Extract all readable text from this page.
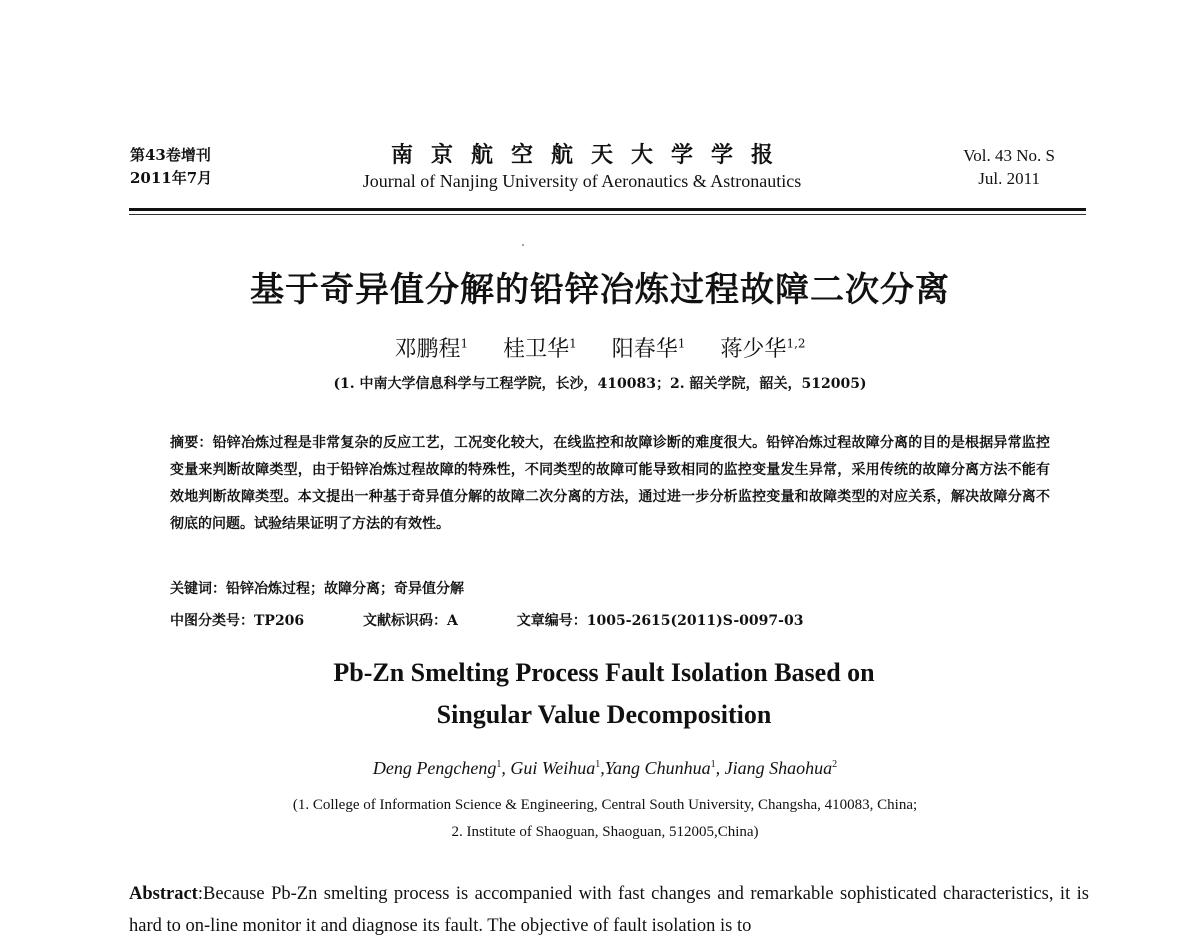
第43卷增刊
2011年7月
南京航空航天大学学报
Journal of Nanjing University of Aeronautics & Astronautics
Vol. 43 No. S
Jul. 2011
基于奇异值分解的铅锌冶炼过程故障二次分离
邓鹏程$^1$ 桂卫华$^1$ 阳春华$^1$ 蒋少华$^{1,2}$
(1. 中南大学信息科学与工程学院，长沙，410083；2. 韶关学院，韶关，512005)
摘要：铅锌冶炼过程是非常复杂的反应工艺，工况变化较大，在线监控和故障诊断的难度很大。铅锌冶炼过程故障分离的目的是根据异常监控变量来判断故障类型，由于铅锌冶炼过程故障的特殊性，不同类型的故障可能导致相同的监控变量发生异常，采用传统的故障分离方法不能有效地判断故障类型。本文提出一种基于奇异值分解的故障二次分离的方法，通过进一步分析监控变量和故障类型的对应关系，解决故障分离不彻底的问题。试验结果证明了方法的有效性。
关键词：铅锌冶炼过程；故障分离；奇异值分解
中图分类号：TP206	文献标识码：A	文章编号：1005-2615(2011)S-0097-03
Pb-Zn Smelting Process Fault Isolation Based on
Singular Value Decomposition
Deng Pengcheng$^1$, Gui Weihua$^1$,Yang Chunhua$^1$, Jiang Shaohua$^2$
(1. College of Information Science & Engineering, Central South University, Changsha, 410083, China;
2. Institute of Shaoguan, Shaoguan, 512005,China)
Abstract:Because Pb-Zn smelting process is accompanied with fast changes and remarkable sophisticated characteristics, it is hard to on-line monitor it and diagnose its fault. The objective of fault isolation is to
